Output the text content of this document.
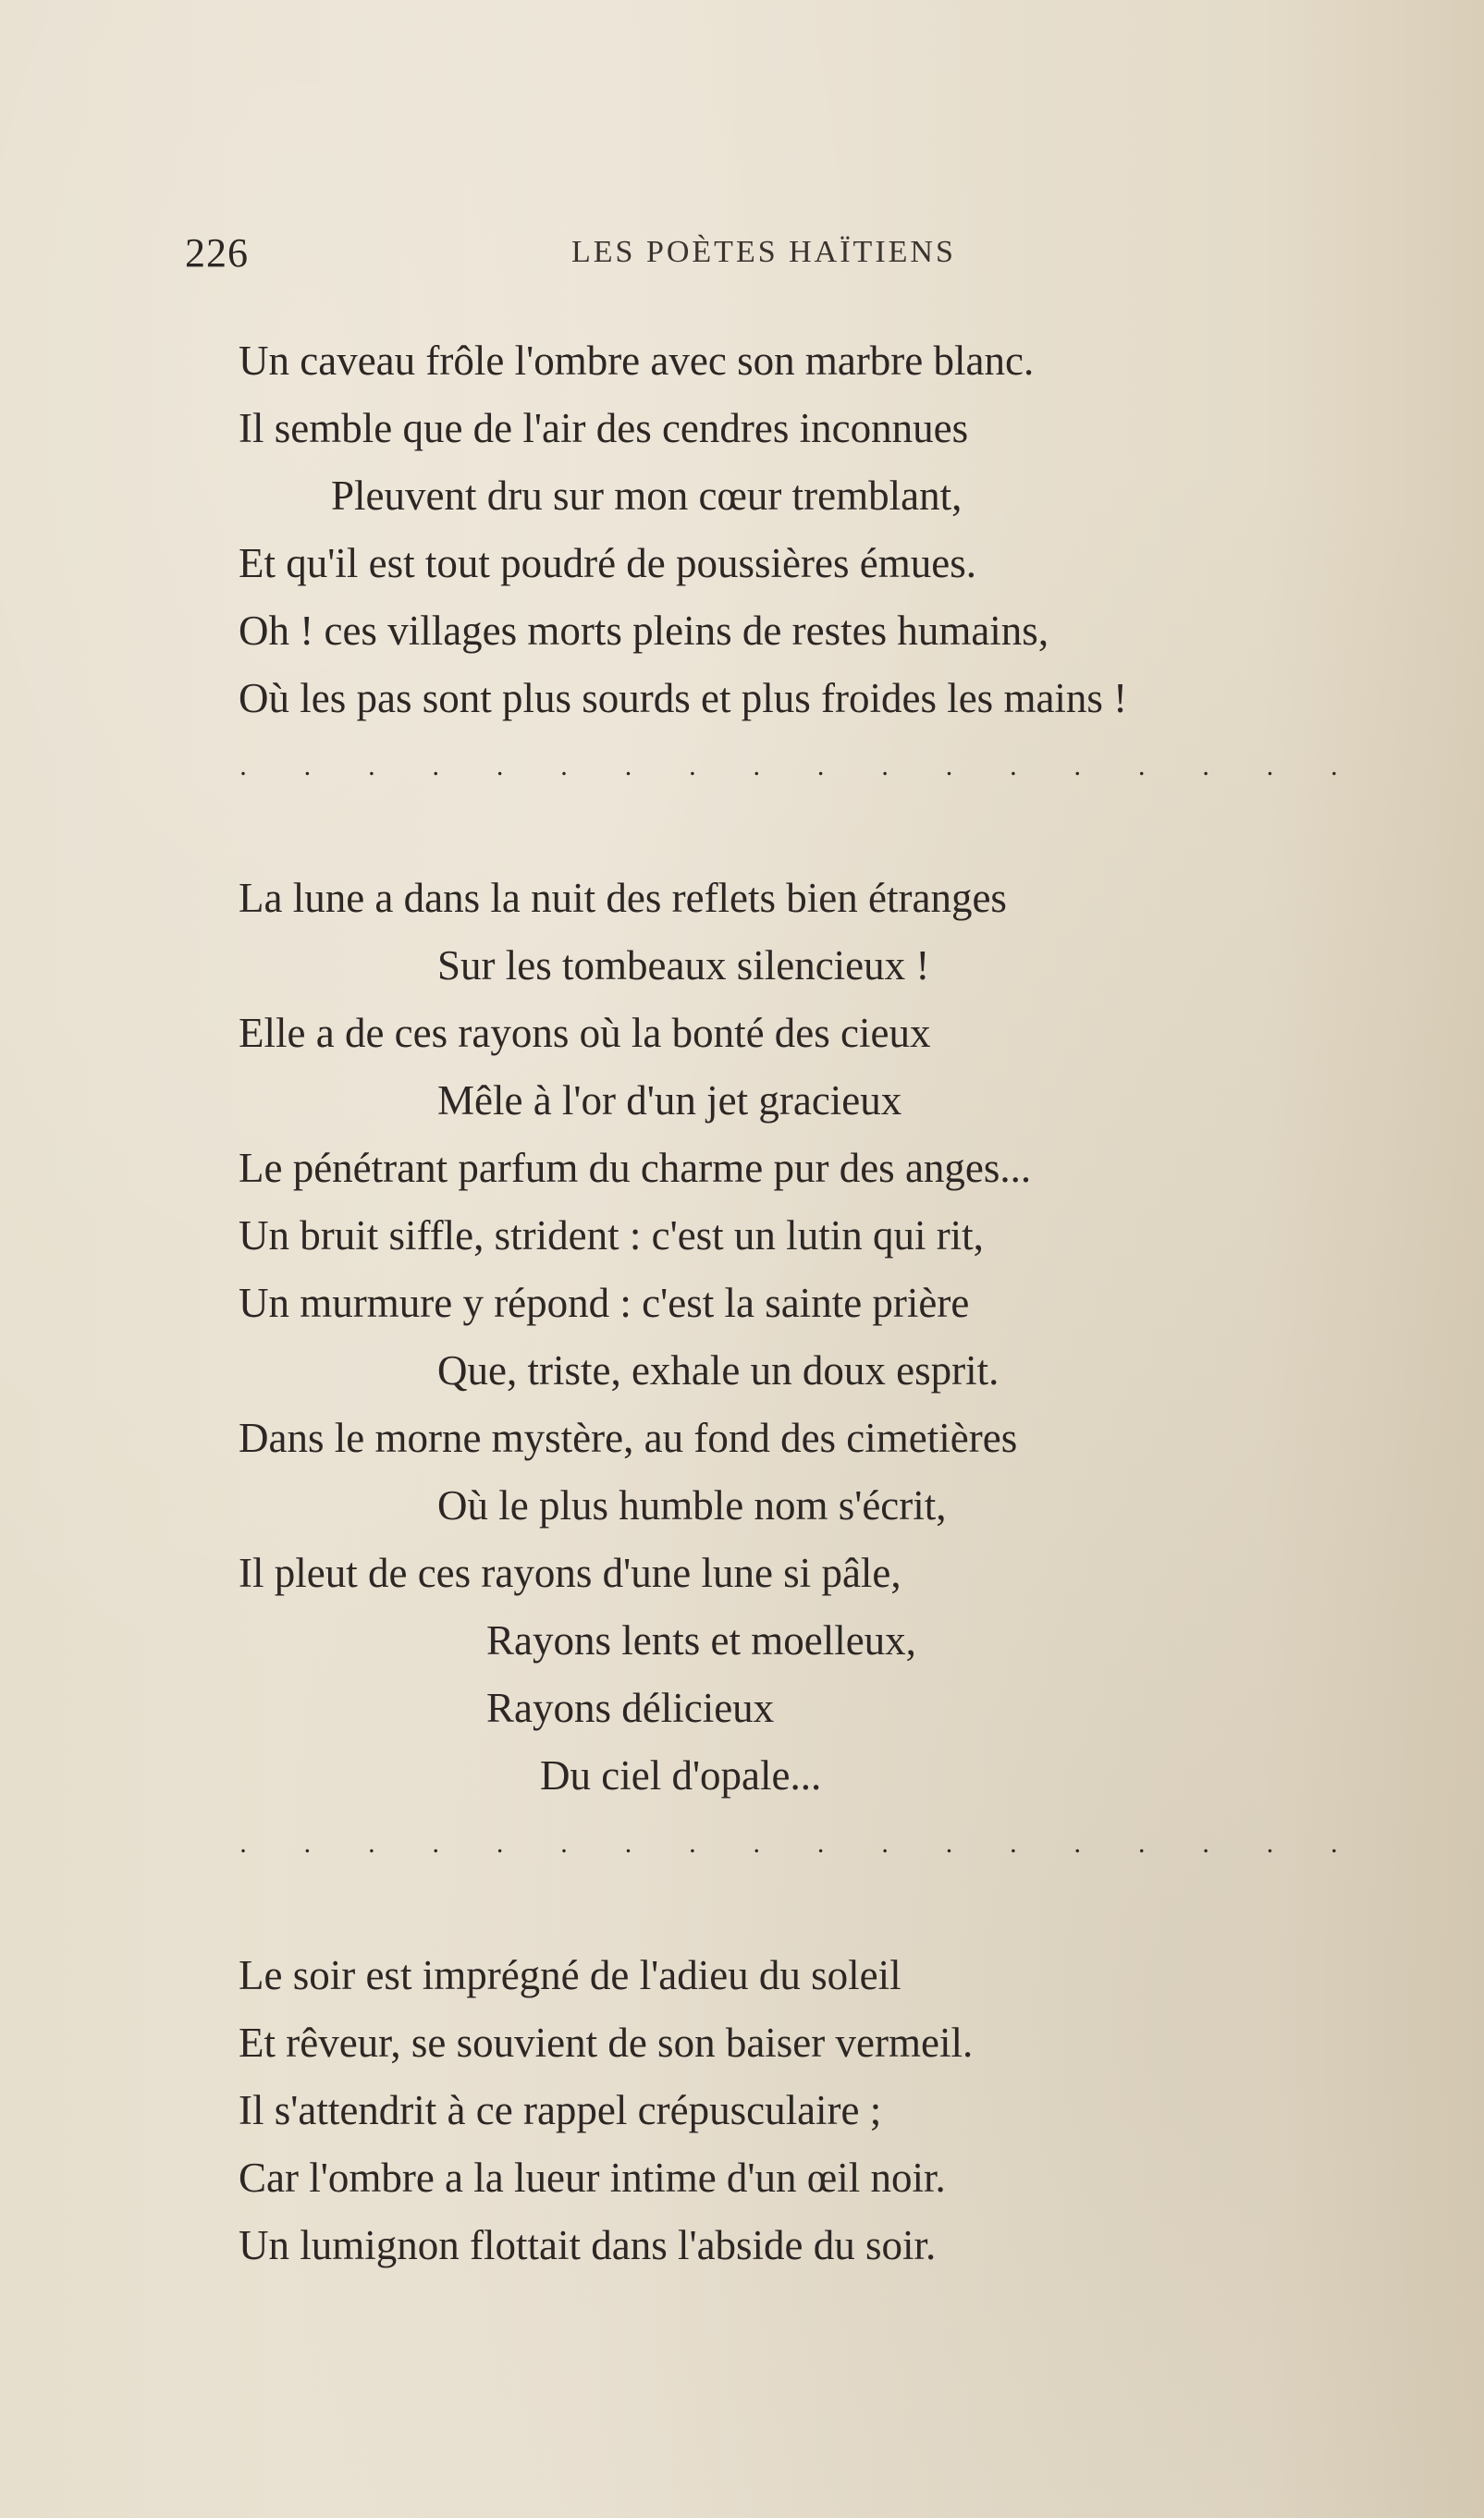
226	LES POÈTES HAÏTIENS
Un caveau frôle l'ombre avec son marbre blanc.
Il semble que de l'air des cendres inconnues
Pleuvent dru sur mon cœur tremblant,
Et qu'il est tout poudré de poussières émues.
Oh ! ces villages morts pleins de restes humains,
Où les pas sont plus sourds et plus froides les mains !
. . . . . . . . . . . . . . . . . .
La lune a dans la nuit des reflets bien étranges
Sur les tombeaux silencieux !
Elle a de ces rayons où la bonté des cieux
Mêle à l'or d'un jet gracieux
Le pénétrant parfum du charme pur des anges...
Un bruit siffle, strident : c'est un lutin qui rit,
Un murmure y répond : c'est la sainte prière
Que, triste, exhale un doux esprit.
Dans le morne mystère, au fond des cimetières
Où le plus humble nom s'écrit,
Il pleut de ces rayons d'une lune si pâle,
Rayons lents et moelleux,
Rayons délicieux
Du ciel d'opale...
. . . . . . . . . . . . . . . . . .
Le soir est imprégné de l'adieu du soleil
Et rêveur, se souvient de son baiser vermeil.
Il s'attendrit à ce rappel crépusculaire ;
Car l'ombre a la lueur intime d'un œil noir.
Un lumignon flottait dans l'abside du soir.
